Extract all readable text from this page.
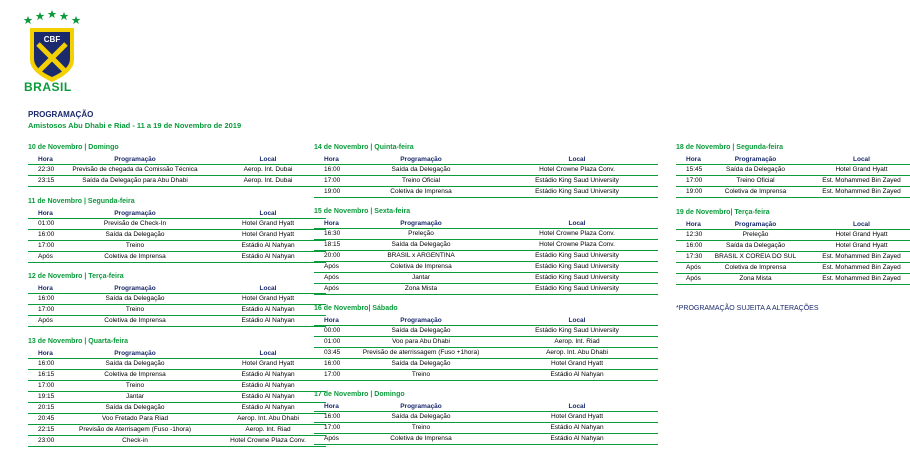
CBF
BRASIL
PROGRAMAÇÃO
Amistosos Abu Dhabi e Riad - 11 a 19 de Novembro de 2019
10 de Novembro | Domingo
Hora	Programação	Local
22:30	Previsão de chegada da Comissão Técnica	Aerop. Int. Dubai
23:15	Saída da Delegação para Abu Dhabi	Aerop. Int. Dubai
11 de Novembro | Segunda-feira
Hora	Programação	Local
01:00	Previsão de Check-In	Hotel Grand Hyatt
16:00	Saída da Delegação	Hotel Grand Hyatt
17:00	Treino	Estádio Al Nahyan
Após	Coletiva de Imprensa	Estádio Al Nahyan
12 de Novembro | Terça-feira
Hora	Programação	Local
16:00	Saída da Delegação	Hotel Grand Hyatt
17:00	Treino	Estádio Al Nahyan
Após	Coletiva de Imprensa	Estádio Al Nahyan
13 de Novembro | Quarta-feira
Hora	Programação	Local
16:00	Saída da Delegação	Hotel Grand Hyatt
16:15	Coletiva de Imprensa	Estádio Al Nahyan
17:00	Treino	Estádio Al Nahyan
19:15	Jantar	Estádio Al Nahyan
20:15	Saída da Delegação	Estádio Al Nahyan
20:45	Voo Fretado Para Riad	Aerop. Int. Abu Dhabi
22:15	Previsão de Aterrisagem (Fuso -1hora)	Aerop. Int. Riad
23:00	Check-in	Hotel Crowne Plaza Conv.
14 de Novembro | Quinta-feira
Hora	Programação	Local
16:00	Saída da Delegação	Hotel Crowne Plaza Conv.
17:00	Treino Oficial	Estádio King Saud University
19:00	Coletiva de Imprensa	Estádio King Saud University
15 de Novembro | Sexta-feira
Hora	Programação	Local
16:30	Preleção	Hotel Crowne Plaza Conv.
18:15	Saída da Delegação	Hotel Crowne Plaza Conv.
20:00	BRASIL x ARGENTINA	Estádio King Saud University
Após	Coletiva de Imprensa	Estádio King Saud University
Após	Jantar	Estádio King Saud University
Após	Zona Mista	Estádio King Saud University
16 de Novembro| Sábado
Hora	Programação	Local
00:00	Saída da Delegação	Estádio King Saud University
01:00	Voo para Abu Dhabi	Aerop. Int. Riad
03:45	Previsão de aterrissagem (Fuso +1hora)	Aerop. Int. Abu Dhabi
16:00	Saída da Delegação	Hotel Grand Hyatt
17:00	Treino	Estádio Al Nahyan
17 de Novembro | Domingo
Hora	Programação	Local
16:00	Saída da Delegação	Hotel Grand Hyatt
17:00	Treino	Estádio Al Nahyan
Após	Coletiva de Imprensa	Estádio Al Nahyan
18 de Novembro | Segunda-feira
Hora	Programação	Local
15:45	Saída da Delegação	Hotel Grand Hyatt
17:00	Treino Oficial	Est. Mohammed Bin Zayed
19:00	Coletiva de Imprensa	Est. Mohammed Bin Zayed
19 de Novembro| Terça-feira
Hora	Programação	Local
12:30	Preleção	Hotel Grand Hyatt
16:00	Saída da Delegação	Hotel Grand Hyatt
17:30	BRASIL X COREIA DO SUL	Est. Mohammed Bin Zayed
Após	Coletiva de Imprensa	Est. Mohammed Bin Zayed
Após	Zona Mista	Est. Mohammed Bin Zayed
*PROGRAMAÇÃO SUJEITA A ALTERAÇÕES
